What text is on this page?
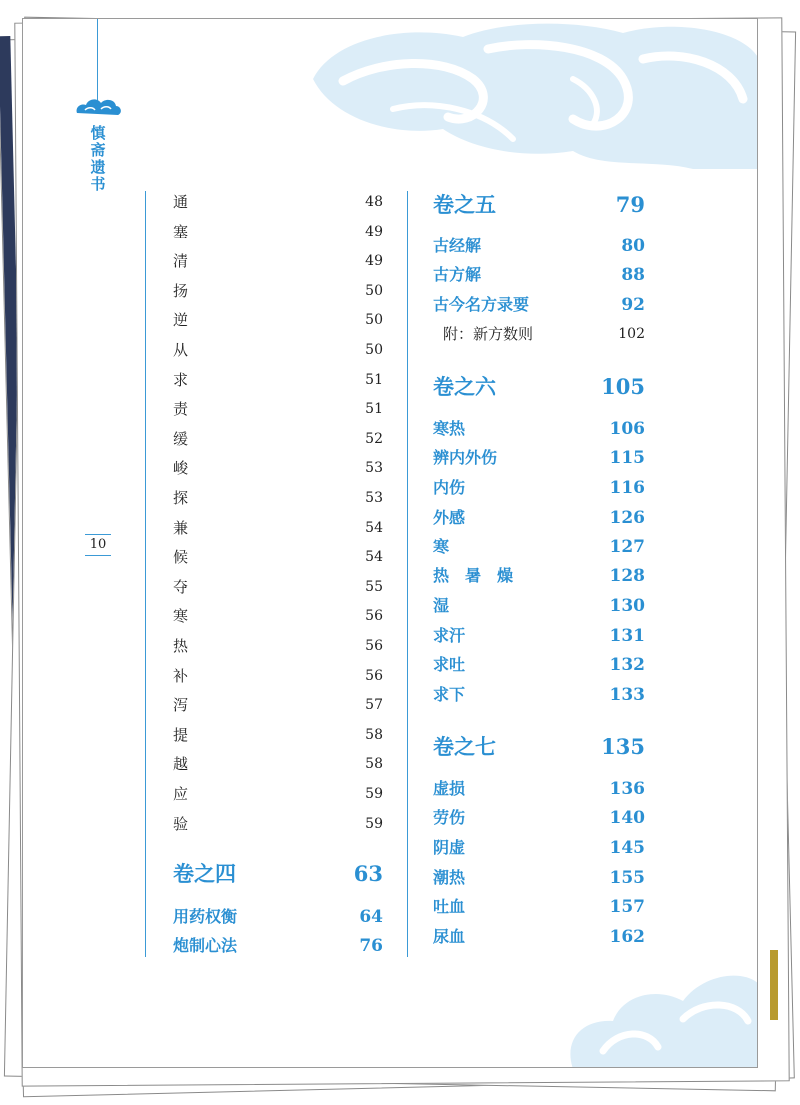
慎斋遗书
10
通	48
塞	49
清	49
扬	50
逆	50
从	50
求	51
责	51
缓	52
峻	53
探	53
兼	54
候	54
夺	55
寒	56
热	56
补	56
泻	57
提	58
越	58
应	59
验	59
卷之四	63
用药权衡	64
炮制心法	76
卷之五	79
古经解	80
古方解	88
古今名方录要	92
附：新方数则	102
卷之六	105
寒热	106
辨内外伤	115
内伤	116
外感	126
寒	127
热　暑　燥	128
湿	130
求汗	131
求吐	132
求下	133
卷之七	135
虚损	136
劳伤	140
阴虚	145
潮热	155
吐血	157
尿血	162
